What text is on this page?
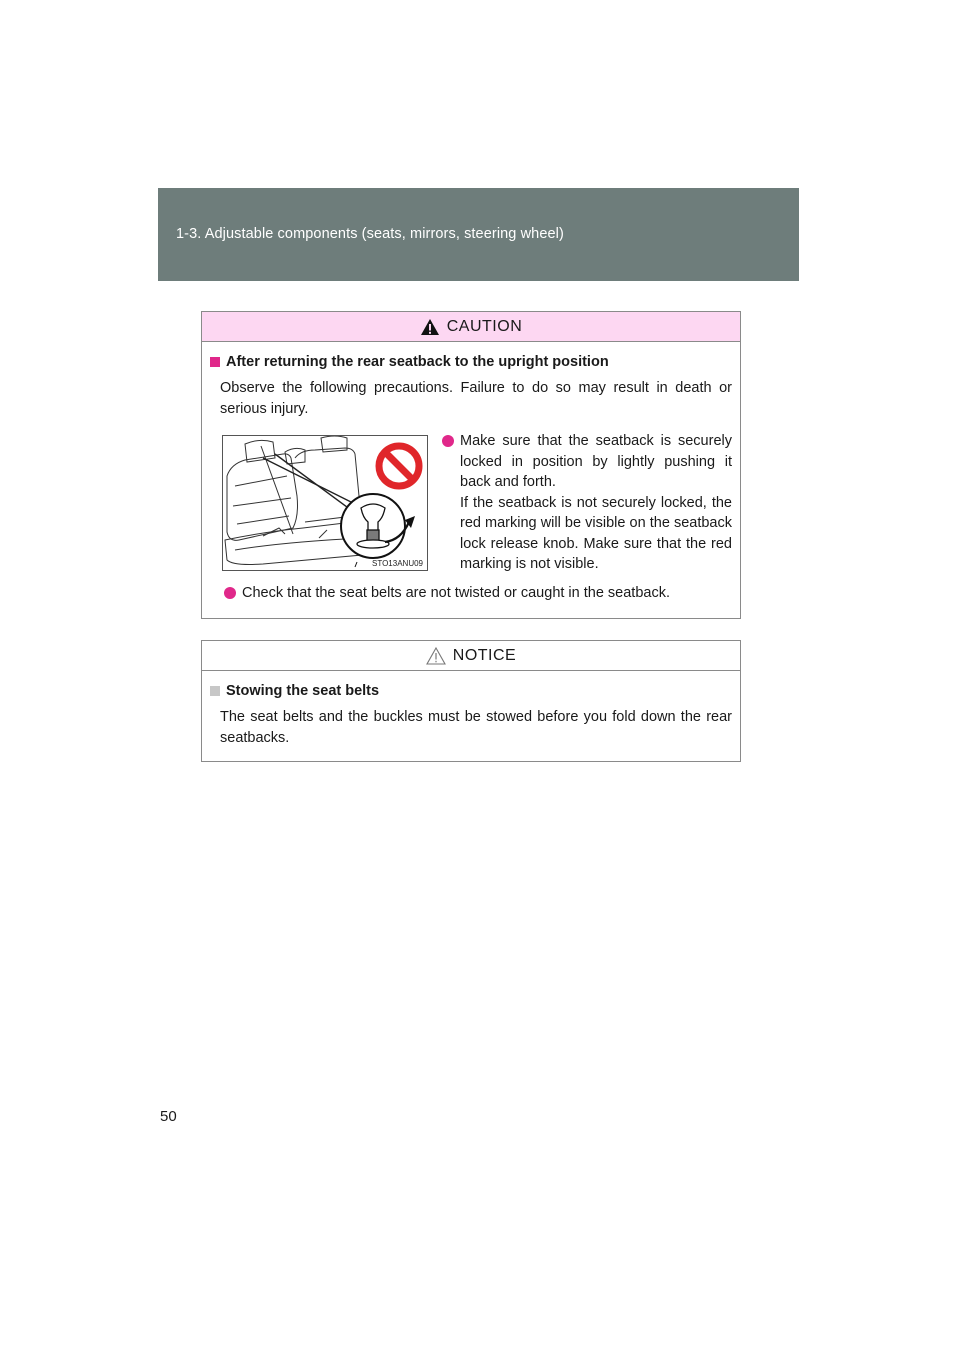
1-3. Adjustable components (seats, mirrors, steering wheel)
CAUTION
After returning the rear seatback to the upright position
Observe the following precautions. Failure to do so may result in death or serious injury.
STO13ANU09
Make sure that the seatback is securely locked in position by lightly pushing it back and forth.
If the seatback is not securely locked, the red marking will be visible on the seatback lock release knob. Make sure that the red marking is not visible.
Check that the seat belts are not twisted or caught in the seatback.
NOTICE
Stowing the seat belts
The seat belts and the buckles must be stowed before you fold down the rear seatbacks.
50
